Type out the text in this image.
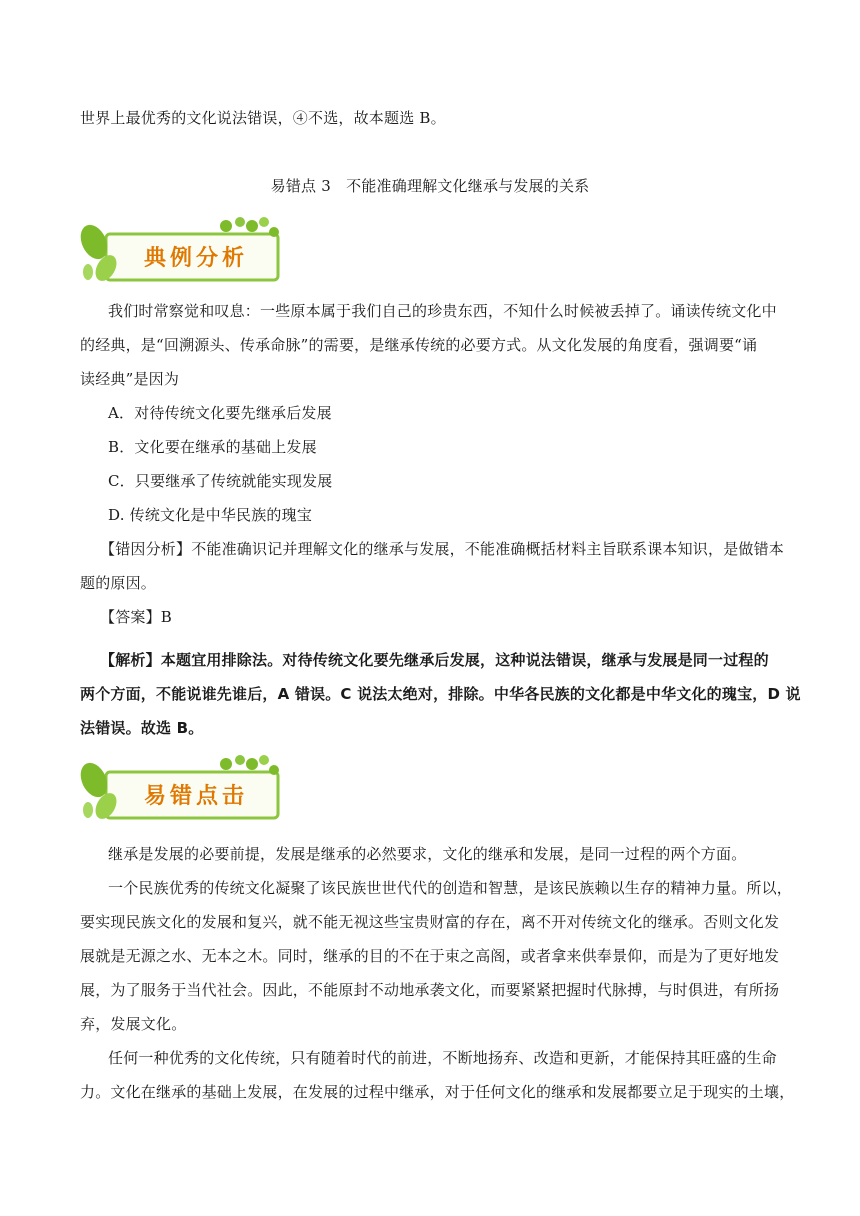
世界上最优秀的文化说法错误，④不选，故本题选 B。
易错点 3　不能准确理解文化继承与发展的关系
典例分析
我们时常察觉和叹息：一些原本属于我们自己的珍贵东西，不知什么时候被丢掉了。诵读传统文化中
的经典，是“回溯源头、传承命脉”的需要，是继承传统的必要方式。从文化发展的角度看，强调要“诵
读经典”是因为
A．对待传统文化要先继承后发展
B．文化要在继承的基础上发展
C．只要继承了传统就能实现发展
D. 传统文化是中华民族的瑰宝
【错因分析】不能准确识记并理解文化的继承与发展，不能准确概括材料主旨联系课本知识，是做错本
题的原因。
【答案】B
【解析】本题宜用排除法。对待传统文化要先继承后发展，这种说法错误，继承与发展是同一过程的
两个方面，不能说谁先谁后，A 错误。C 说法太绝对，排除。中华各民族的文化都是中华文化的瑰宝，D 说
法错误。故选 B。
易错点击
继承是发展的必要前提，发展是继承的必然要求，文化的继承和发展，是同一过程的两个方面。
一个民族优秀的传统文化凝聚了该民族世世代代的创造和智慧，是该民族赖以生存的精神力量。所以，
要实现民族文化的发展和复兴，就不能无视这些宝贵财富的存在，离不开对传统文化的继承。否则文化发
展就是无源之水、无本之木。同时，继承的目的不在于束之高阁，或者拿来供奉景仰，而是为了更好地发
展，为了服务于当代社会。因此，不能原封不动地承袭文化，而要紧紧把握时代脉搏，与时俱进，有所扬
弃，发展文化。
任何一种优秀的文化传统，只有随着时代的前进，不断地扬弃、改造和更新，才能保持其旺盛的生命
力。文化在继承的基础上发展，在发展的过程中继承，对于任何文化的继承和发展都要立足于现实的土壤，
